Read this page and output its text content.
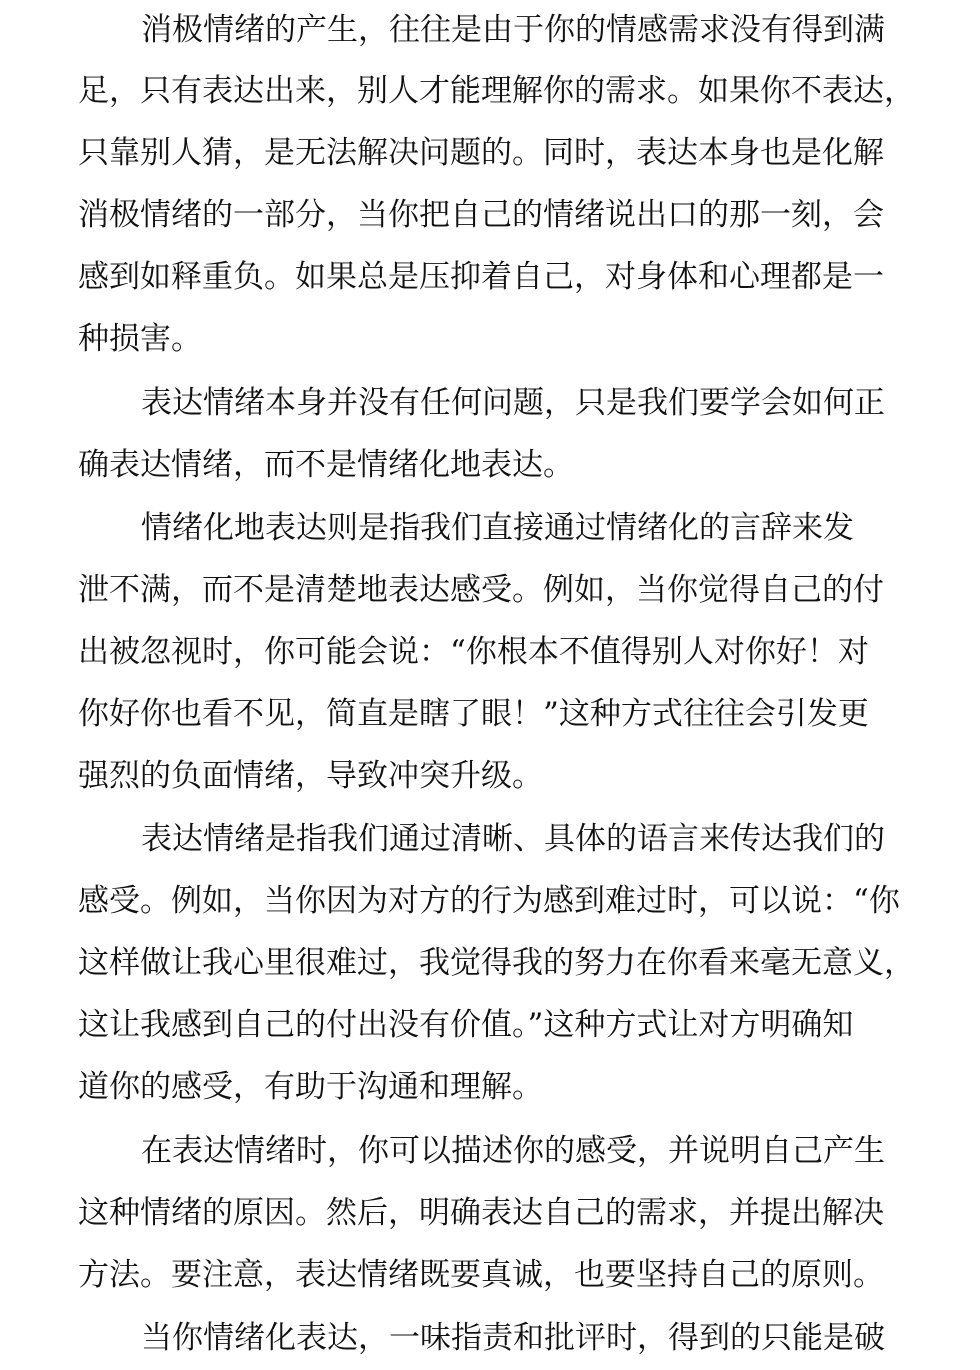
消极情绪的产生，往往是由于你的情感需求没有得到满
足，只有表达出来，别人才能理解你的需求。如果你不表达，
只靠别人猜，是无法解决问题的。同时，表达本身也是化解
消极情绪的一部分，当你把自己的情绪说出口的那一刻，会
感到如释重负。如果总是压抑着自己，对身体和心理都是一
种损害。
表达情绪本身并没有任何问题，只是我们要学会如何正
确表达情绪，而不是情绪化地表达。
情绪化地表达则是指我们直接通过情绪化的言辞来发
泄不满，而不是清楚地表达感受。例如，当你觉得自己的付
出被忽视时，你可能会说：“你根本不值得别人对你好！对
你好你也看不见，简直是瞎了眼！”这种方式往往会引发更
强烈的负面情绪，导致冲突升级。
表达情绪是指我们通过清晰、具体的语言来传达我们的
感受。例如，当你因为对方的行为感到难过时，可以说：“你
这样做让我心里很难过，我觉得我的努力在你看来毫无意义，
这让我感到自己的付出没有价值。”这种方式让对方明确知
道你的感受，有助于沟通和理解。
在表达情绪时，你可以描述你的感受，并说明自己产生
这种情绪的原因。然后，明确表达自己的需求，并提出解决
方法。要注意，表达情绪既要真诚，也要坚持自己的原则。
当你情绪化表达，一味指责和批评时，得到的只能是破
